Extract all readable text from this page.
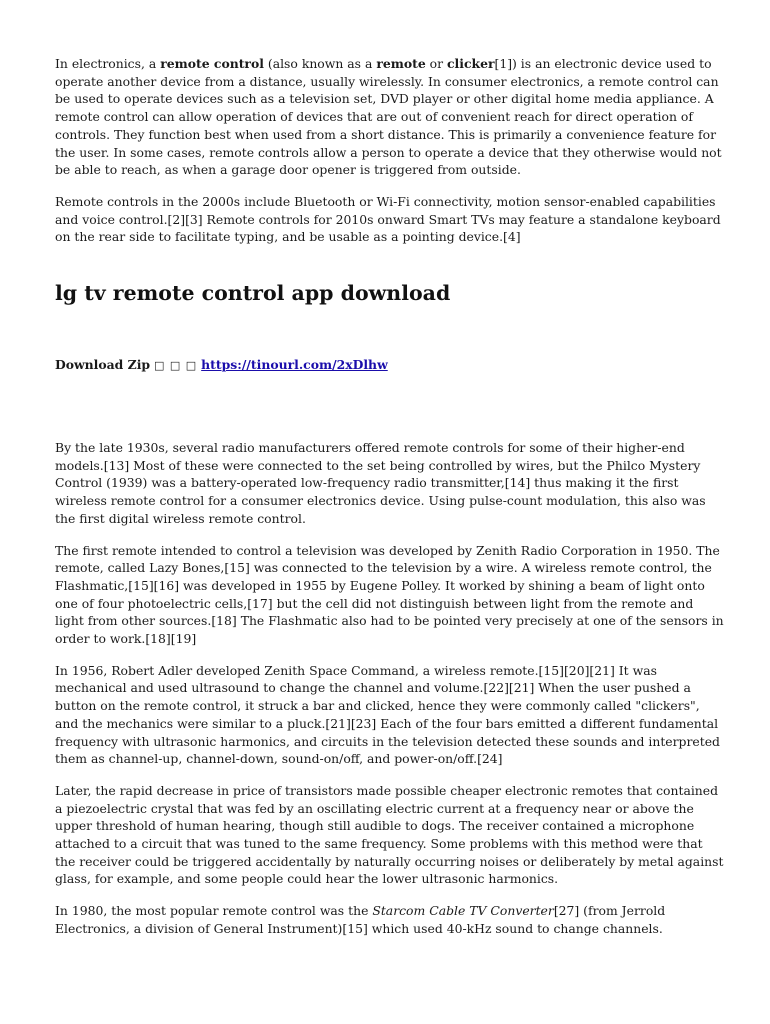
In electronics, a remote control (also known as a remote or clicker[1]) is an electronic device used to operate another device from a distance, usually wirelessly. In consumer electronics, a remote control can be used to operate devices such as a television set, DVD player or other digital home media appliance. A remote control can allow operation of devices that are out of convenient reach for direct operation of controls. They function best when used from a short distance. This is primarily a convenience feature for the user. In some cases, remote controls allow a person to operate a device that they otherwise would not be able to reach, as when a garage door opener is triggered from outside.

Remote controls in the 2000s include Bluetooth or Wi-Fi connectivity, motion sensor-enabled capabilities and voice control.[2][3] Remote controls for 2010s onward Smart TVs may feature a standalone keyboard on the rear side to facilitate typing, and be usable as a pointing device.[4]

lg tv remote control app download
Download Zip □ □ □ https://tinourl.com/2xDlhw

By the late 1930s, several radio manufacturers offered remote controls for some of their higher-end models.[13] Most of these were connected to the set being controlled by wires, but the Philco Mystery Control (1939) was a battery-operated low-frequency radio transmitter,[14] thus making it the first wireless remote control for a consumer electronics device. Using pulse-count modulation, this also was the first digital wireless remote control.

The first remote intended to control a television was developed by Zenith Radio Corporation in 1950. The remote, called Lazy Bones,[15] was connected to the television by a wire. A wireless remote control, the Flashmatic,[15][16] was developed in 1955 by Eugene Polley. It worked by shining a beam of light onto one of four photoelectric cells,[17] but the cell did not distinguish between light from the remote and light from other sources.[18] The Flashmatic also had to be pointed very precisely at one of the sensors in order to work.[18][19]

In 1956, Robert Adler developed Zenith Space Command, a wireless remote.[15][20][21] It was mechanical and used ultrasound to change the channel and volume.[22][21] When the user pushed a button on the remote control, it struck a bar and clicked, hence they were commonly called "clickers", and the mechanics were similar to a pluck.[21][23] Each of the four bars emitted a different fundamental frequency with ultrasonic harmonics, and circuits in the television detected these sounds and interpreted them as channel-up, channel-down, sound-on/off, and power-on/off.[24]

Later, the rapid decrease in price of transistors made possible cheaper electronic remotes that contained a piezoelectric crystal that was fed by an oscillating electric current at a frequency near or above the upper threshold of human hearing, though still audible to dogs. The receiver contained a microphone attached to a circuit that was tuned to the same frequency. Some problems with this method were that the receiver could be triggered accidentally by naturally occurring noises or deliberately by metal against glass, for example, and some people could hear the lower ultrasonic harmonics.

In 1980, the most popular remote control was the Starcom Cable TV Converter[27] (from Jerrold Electronics, a division of General Instrument)[15] which used 40-kHz sound to change channels.
